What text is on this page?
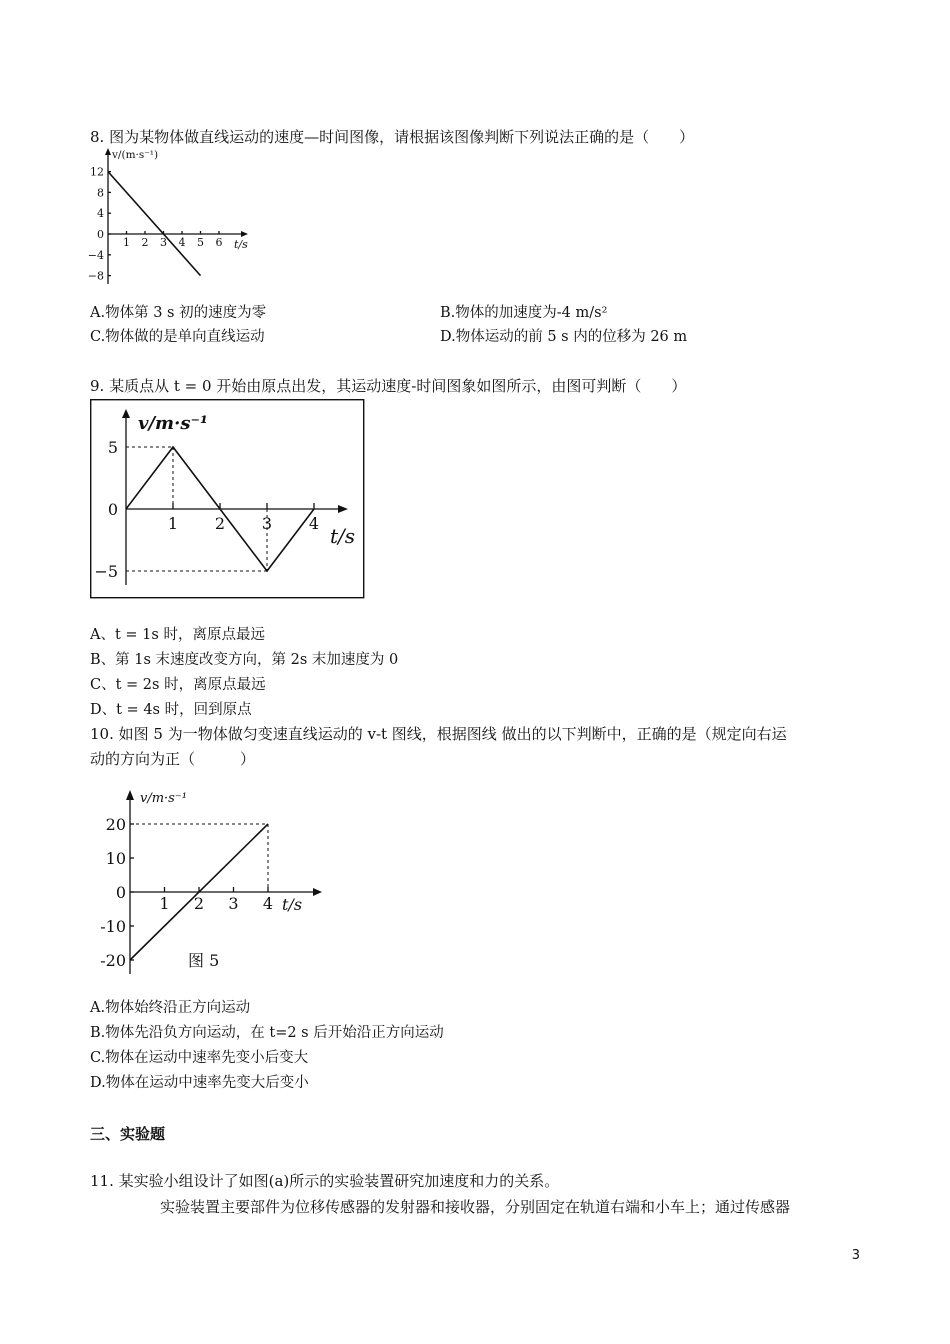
8. 图为某物体做直线运动的速度—时间图像，请根据该图像判断下列说法正确的是（　　）
v/(m·s⁻¹)
t/s
12
8
4
0
−4
−8
1 2 3 4 5 6
A.物体第 3 s 初的速度为零	B.物体的加速度为-4 m/s²
C.物体做的是单向直线运动	D.物体运动的前 5 s 内的位移为 26 m
9. 某质点从 t = 0 开始由原点出发，其运动速度-时间图象如图所示，由图可判断（　　）
v/m·s⁻¹
t/s
5
0
−5
1 2 3 4
A、t = 1s 时，离原点最远
B、第 1s 末速度改变方向，第 2s 末加速度为 0
C、t = 2s 时，离原点最远
D、t = 4s 时，回到原点
10. 如图 5 为一物体做匀变速直线运动的 v-t 图线，根据图线 做出的以下判断中，正确的是（规定向右运
动的方向为正（　　　）
v/m·s⁻¹
t/s
图 5
20
10
0
-10
-20
1 2 3 4
A.物体始终沿正方向运动
B.物体先沿负方向运动，在 t=2 s 后开始沿正方向运动
C.物体在运动中速率先变小后变大
D.物体在运动中速率先变大后变小
三、实验题
11. 某实验小组设计了如图(a)所示的实验装置研究加速度和力的关系。
实验装置主要部件为位移传感器的发射器和接收器，分别固定在轨道右端和小车上；通过传感器
3
